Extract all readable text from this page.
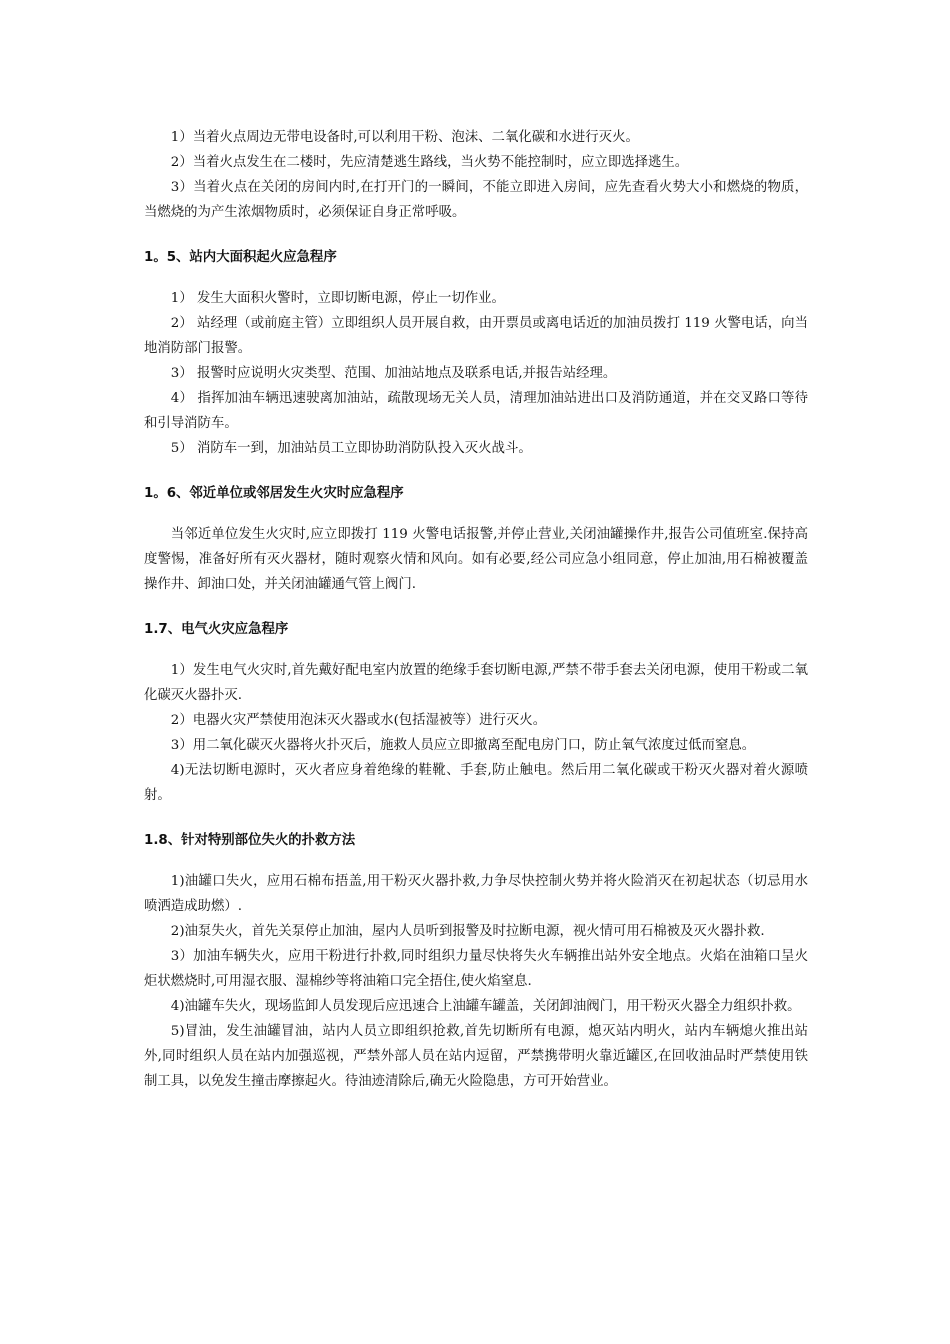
1）当着火点周边无带电设备时,可以利用干粉、泡沫、二氧化碳和水进行灭火。

2）当着火点发生在二楼时，先应清楚逃生路线，当火势不能控制时，应立即选择逃生。

3）当着火点在关闭的房间内时,在打开门的一瞬间，不能立即进入房间，应先查看火势大小和燃烧的物质，当燃烧的为产生浓烟物质时，必须保证自身正常呼吸。

1。5、站内大面积起火应急程序

1） 发生大面积火警时，立即切断电源，停止一切作业。

2） 站经理（或前庭主管）立即组织人员开展自救，由开票员或离电话近的加油员拨打 119 火警电话，向当地消防部门报警。

3） 报警时应说明火灾类型、范围、加油站地点及联系电话,并报告站经理。

4） 指挥加油车辆迅速驶离加油站，疏散现场无关人员，清理加油站进出口及消防通道，并在交叉路口等待和引导消防车。

5） 消防车一到，加油站员工立即协助消防队投入灭火战斗。

1。6、邻近单位或邻居发生火灾时应急程序

当邻近单位发生火灾时,应立即拨打 119 火警电话报警,并停止营业,关闭油罐操作井,报告公司值班室.保持高度警惕，准备好所有灭火器材，随时观察火情和风向。如有必要,经公司应急小组同意，停止加油,用石棉被覆盖操作井、卸油口处，并关闭油罐通气管上阀门.

1.7、电气火灾应急程序

1）发生电气火灾时,首先戴好配电室内放置的绝缘手套切断电源,严禁不带手套去关闭电源，使用干粉或二氧化碳灭火器扑灭.

2）电器火灾严禁使用泡沫灭火器或水(包括湿被等）进行灭火。

3）用二氧化碳灭火器将火扑灭后，施救人员应立即撤离至配电房门口，防止氧气浓度过低而窒息。

4)无法切断电源时，灭火者应身着绝缘的鞋靴、手套,防止触电。然后用二氧化碳或干粉灭火器对着火源喷射。

1.8、针对特别部位失火的扑救方法

1)油罐口失火，应用石棉布捂盖,用干粉灭火器扑救,力争尽快控制火势并将火险消灭在初起状态（切忌用水喷洒造成助燃）.

2)油泵失火，首先关泵停止加油，屋内人员听到报警及时拉断电源，视火情可用石棉被及灭火器扑救.

3）加油车辆失火，应用干粉进行扑救,同时组织力量尽快将失火车辆推出站外安全地点。火焰在油箱口呈火炬状燃烧时,可用湿衣服、湿棉纱等将油箱口完全捂住,使火焰窒息.

4)油罐车失火，现场监卸人员发现后应迅速合上油罐车罐盖，关闭卸油阀门，用干粉灭火器全力组织扑救。

5)冒油，发生油罐冒油，站内人员立即组织抢救,首先切断所有电源，熄灭站内明火，站内车辆熄火推出站外,同时组织人员在站内加强巡视，严禁外部人员在站内逗留，严禁携带明火靠近罐区,在回收油品时严禁使用铁制工具，以免发生撞击摩擦起火。待油迹清除后,确无火险隐患，方可开始营业。
